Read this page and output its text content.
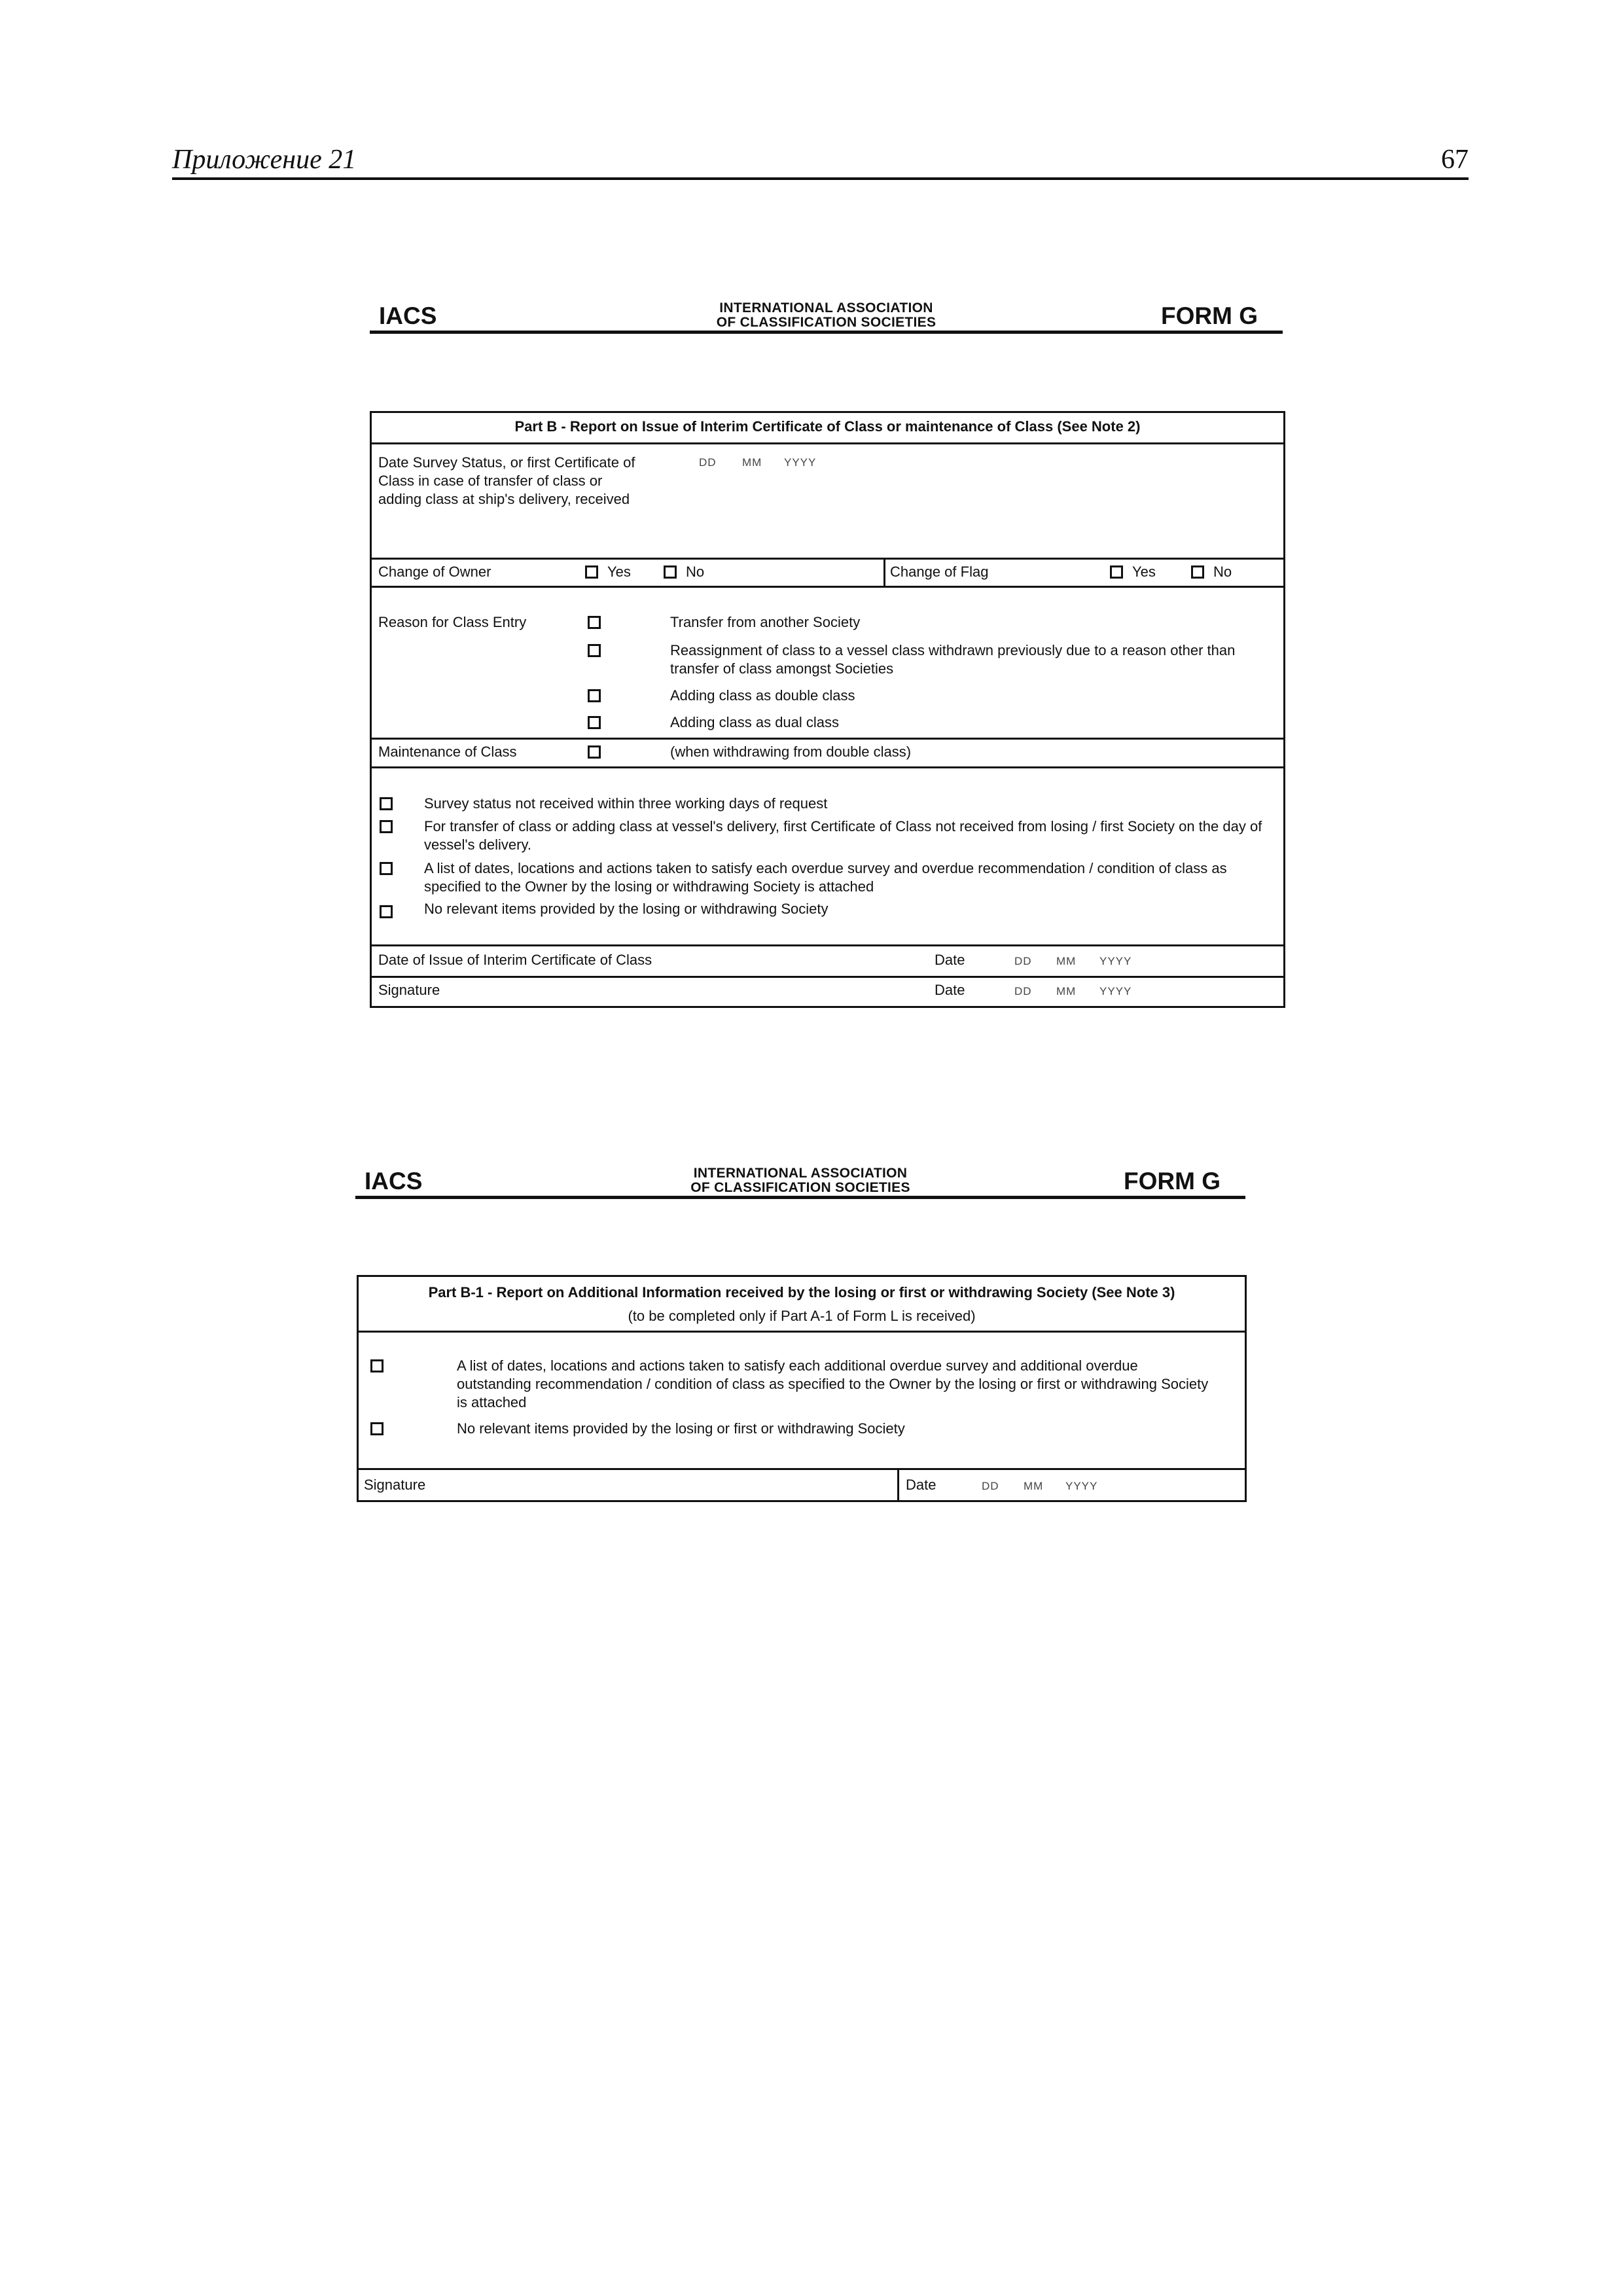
Приложение 21	67
IACS	INTERNATIONAL ASSOCIATION
OF CLASSIFICATION SOCIETIES	FORM G
Part B - Report on Issue of Interim Certificate of Class or maintenance of Class (See Note 2)
Date Survey Status, or first Certificate of Class in case of transfer of class or adding class at ship's delivery, received
DD MM YYYY
Change of Owner	Yes	No	Change of Flag	Yes	No
Reason for Class Entry	Transfer from another Society
Reassignment of class to a vessel class withdrawn previously due to a reason other than transfer of class amongst Societies
Adding class as double class
Adding class as dual class
Maintenance of Class	(when withdrawing from double class)
Survey status not received within three working days of request
For transfer of class or adding class at vessel's delivery, first Certificate of Class not received from losing / first Society on the day of vessel's delivery.
A list of dates, locations and actions taken to satisfy each overdue survey and overdue recommendation / condition of class as specified to the Owner by the losing or withdrawing Society is attached
No relevant items provided by the losing or withdrawing Society
Date of Issue of Interim Certificate of Class	Date	DD MM YYYY
Signature	Date	DD MM YYYY
IACS	INTERNATIONAL ASSOCIATION
OF CLASSIFICATION SOCIETIES	FORM G
Part B-1 - Report on Additional Information received by the losing or first or withdrawing Society (See Note 3)
(to be completed only if Part A-1 of Form L is received)
A list of dates, locations and actions taken to satisfy each additional overdue survey and additional overdue outstanding recommendation / condition of class as specified to the Owner by the losing or first or withdrawing Society is attached
No relevant items provided by the losing or first or withdrawing Society
Signature	Date	DD MM YYYY
